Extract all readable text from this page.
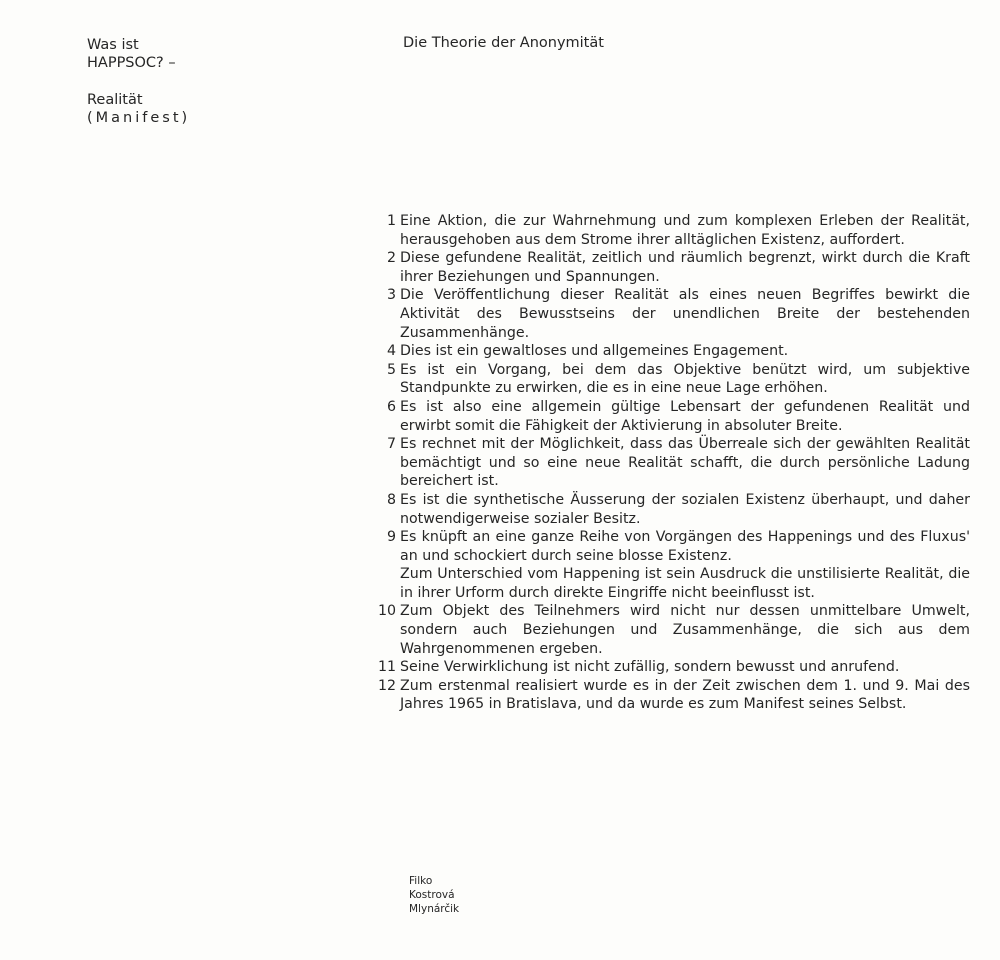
Was ist
HAPPSOC? –
Realität
(Manifest)
Die Theorie der Anonymität
1 Eine Aktion, die zur Wahrnehmung und zum komplexen Erleben der Realität, herausgehoben aus dem Strome ihrer alltäglichen Existenz, auffordert.
2 Diese gefundene Realität, zeitlich und räumlich begrenzt, wirkt durch die Kraft ihrer Beziehungen und Spannungen.
3 Die Veröffentlichung dieser Realität als eines neuen Begriffes bewirkt die Aktivität des Bewusstseins der unendlichen Breite der bestehenden Zusammenhänge.
4 Dies ist ein gewaltloses und allgemeines Engagement.
5 Es ist ein Vorgang, bei dem das Objektive benützt wird, um subjektive Standpunkte zu erwirken, die es in eine neue Lage erhöhen.
6 Es ist also eine allgemein gültige Lebensart der gefundenen Realität und erwirbt somit die Fähigkeit der Aktivierung in absoluter Breite.
7 Es rechnet mit der Möglichkeit, dass das Überreale sich der gewählten Realität bemächtigt und so eine neue Realität schafft, die durch persönliche Ladung bereichert ist.
8 Es ist die synthetische Äusserung der sozialen Existenz überhaupt, und daher notwendigerweise sozialer Besitz.
9 Es knüpft an eine ganze Reihe von Vorgängen des Happenings und des Fluxus' an und schockiert durch seine blosse Existenz.
Zum Unterschied vom Happening ist sein Ausdruck die unstilisierte Realität, die in ihrer Urform durch direkte Eingriffe nicht beeinflusst ist.
10 Zum Objekt des Teilnehmers wird nicht nur dessen unmittelbare Umwelt, sondern auch Beziehungen und Zusammenhänge, die sich aus dem Wahrgenommenen ergeben.
11 Seine Verwirklichung ist nicht zufällig, sondern bewusst und anrufend.
12 Zum erstenmal realisiert wurde es in der Zeit zwischen dem 1. und 9. Mai des Jahres 1965 in Bratislava, und da wurde es zum Manifest seines Selbst.
Filko
Kostrová
Mlynárčik
